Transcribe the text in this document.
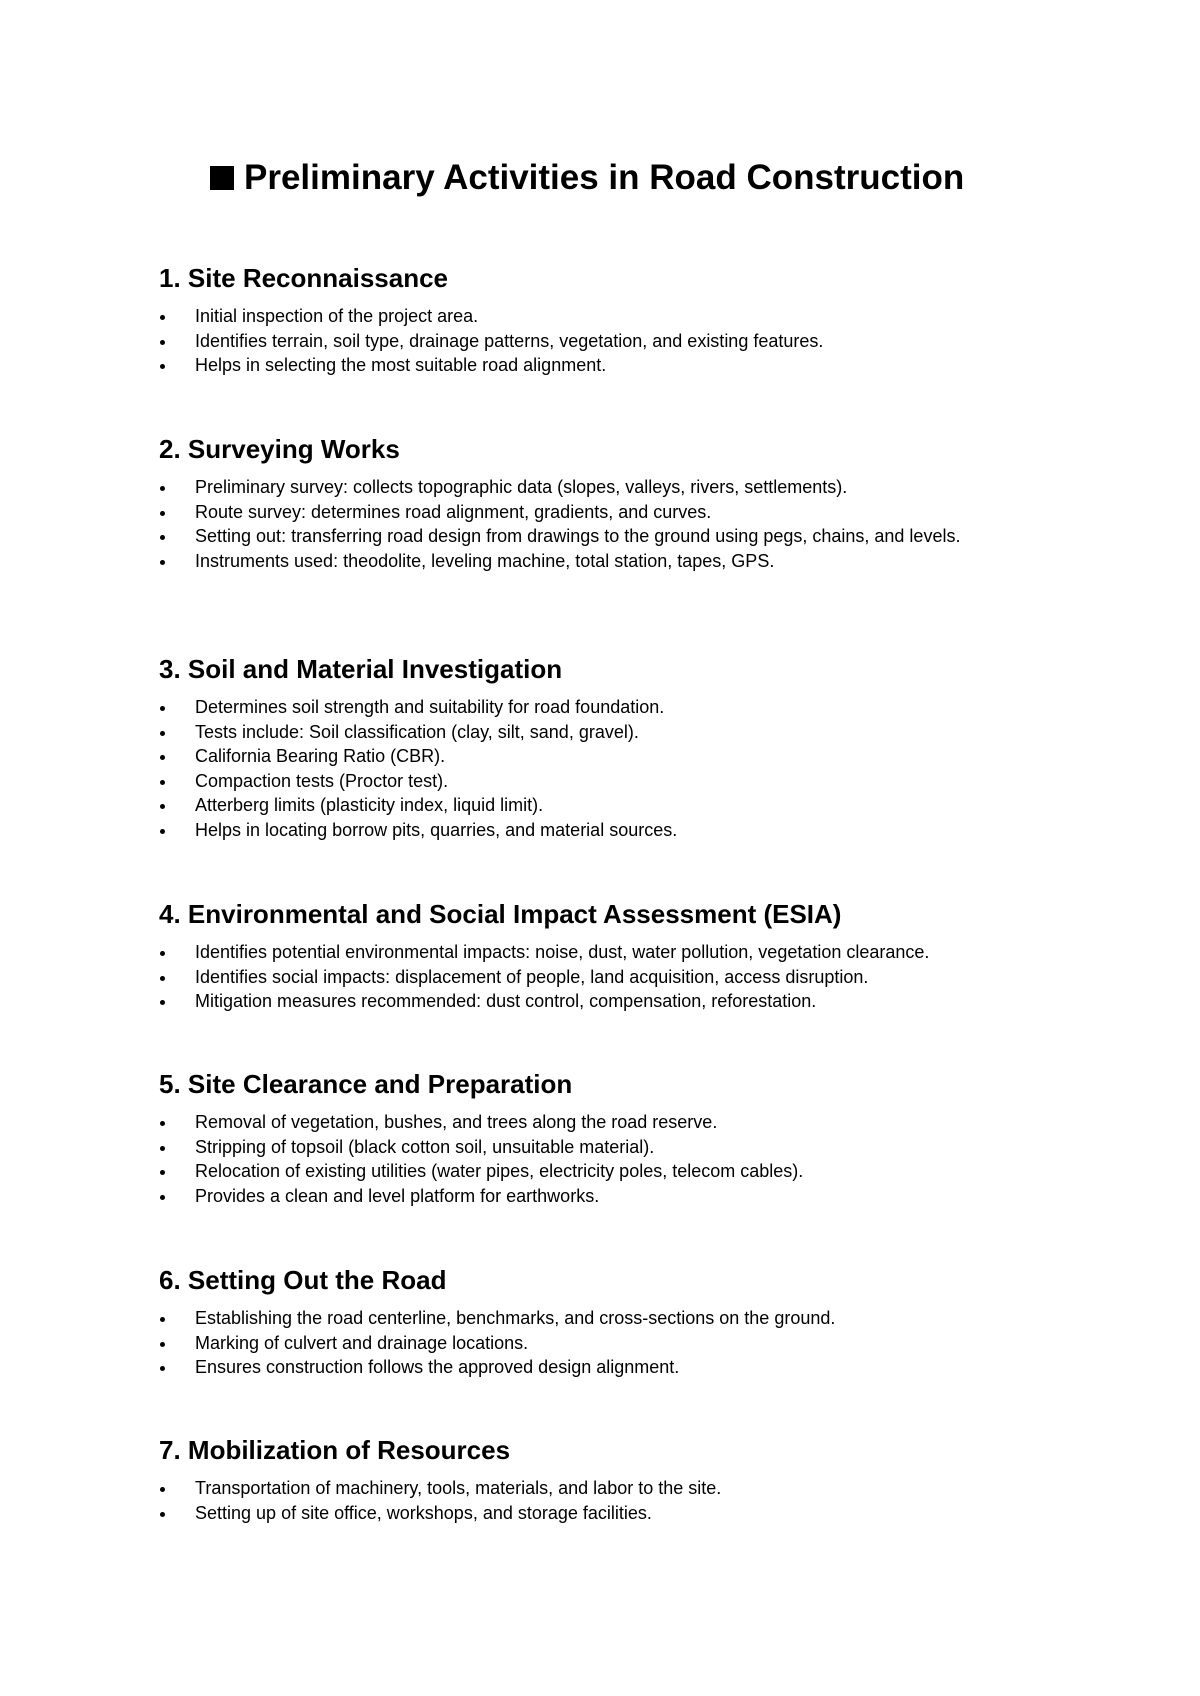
Preliminary Activities in Road Construction
1. Site Reconnaissance
Initial inspection of the project area.
Identifies terrain, soil type, drainage patterns, vegetation, and existing features.
Helps in selecting the most suitable road alignment.
2. Surveying Works
Preliminary survey: collects topographic data (slopes, valleys, rivers, settlements).
Route survey: determines road alignment, gradients, and curves.
Setting out: transferring road design from drawings to the ground using pegs, chains, and levels.
Instruments used: theodolite, leveling machine, total station, tapes, GPS.
3. Soil and Material Investigation
Determines soil strength and suitability for road foundation.
Tests include: Soil classification (clay, silt, sand, gravel).
California Bearing Ratio (CBR).
Compaction tests (Proctor test).
Atterberg limits (plasticity index, liquid limit).
Helps in locating borrow pits, quarries, and material sources.
4. Environmental and Social Impact Assessment (ESIA)
Identifies potential environmental impacts: noise, dust, water pollution, vegetation clearance.
Identifies social impacts: displacement of people, land acquisition, access disruption.
Mitigation measures recommended: dust control, compensation, reforestation.
5. Site Clearance and Preparation
Removal of vegetation, bushes, and trees along the road reserve.
Stripping of topsoil (black cotton soil, unsuitable material).
Relocation of existing utilities (water pipes, electricity poles, telecom cables).
Provides a clean and level platform for earthworks.
6. Setting Out the Road
Establishing the road centerline, benchmarks, and cross-sections on the ground.
Marking of culvert and drainage locations.
Ensures construction follows the approved design alignment.
7. Mobilization of Resources
Transportation of machinery, tools, materials, and labor to the site.
Setting up of site office, workshops, and storage facilities.
